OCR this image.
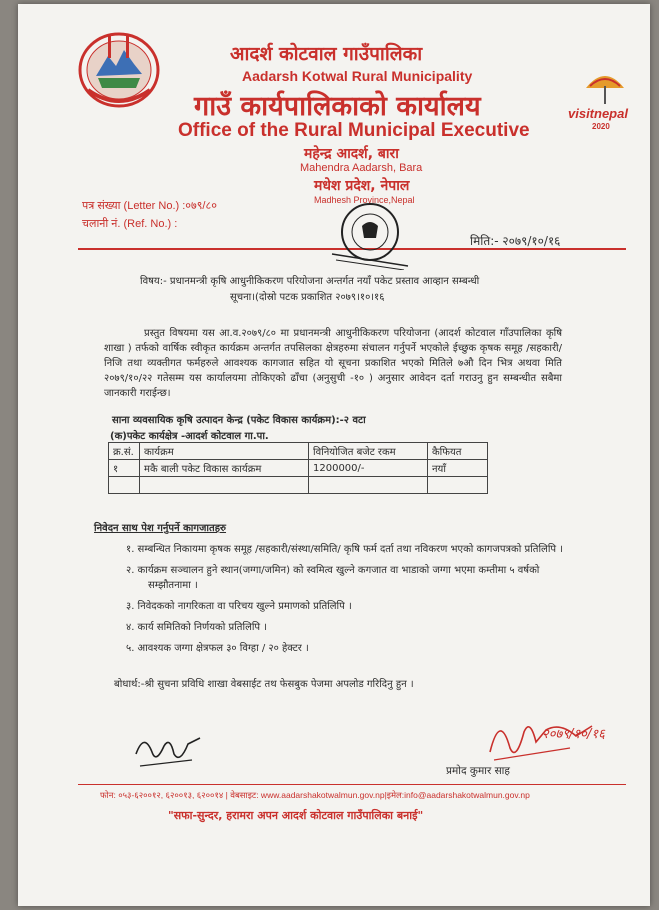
visitnepal
2020
आदर्श कोटवाल गाउँपालिका
Aadarsh Kotwal Rural Municipality
गाउँ कार्यपालिकाको कार्यालय
Office of the Rural Municipal Executive
महेन्द्र आदर्श, बारा
Mahendra Aadarsh, Bara
मधेश प्रदेश, नेपाल
Madhesh Province,Nepal
पत्र संख्या (Letter No.) :०७९/८०
चलानी नं. (Ref. No.) :
मिति:- २०७९/१०/१६
विषय:- प्रधानमन्त्री कृषि आधुनीकिकरण परियोजना अन्तर्गत नयाँ पकेट प्रस्ताव आव्हान सम्बन्धी
सूचना।(दोस्रो पटक प्रकाशित २०७९।१०।१६
प्रस्तुत विषयमा यस आ.व.२०७९/८० मा प्रधानमन्त्री आधुनीकिकरण परियोजना (आदर्श कोटवाल गाँउपालिका कृषि शाखा ) तर्फको वार्षिक स्वीकृत कार्यक्रम अन्तर्गत तपसिलका क्षेत्रहरुमा संचालन गर्नुपर्ने भएकोले ईच्छुक कृषक समूह /सहकारी/निजि तथा व्यक्तीगत फर्महरुले आवश्यक कागजात सहित यो सूचना प्रकाशित भएको मितिले ७औ दिन भित्र अथवा मिति २०७९/१०/२२ गतेसम्म यस कार्यालयमा तोकिएको ढाँचा (अनुसुची -१० ) अनुसार आवेदन दर्ता गराउनु हुन सम्बन्धीत सबैमा जानकारी गराईन्छ।
साना व्यवसायिक कृषि उत्पादन केन्द्र (पकेट विकास कार्यक्रम):-२ वटा
(क)पकेट कार्यक्षेत्र -आदर्श कोटवाल गा.पा.
क्र.सं.	कार्यक्रम	विनियोजित बजेट रकम	कैफियत
१	मकै बाली पकेट विकास कार्यक्रम	1200000/-	नयाँ

निवेदन साथ पेश गर्नुपर्ने कागजातहरु
१. सम्बन्धित निकायमा कृषक समूह /सहकारी/संस्था/समिति/ कृषि फर्म दर्ता तथा नविकरण भएको कागजपत्रको प्रतिलिपि ।
२. कार्यक्रम सञ्चालन हुने स्थान(जग्गा/जमिन) को स्वमित्व खुल्ने कगजात वा भाडाको जग्गा भएमा कम्तीमा ५ वर्षको सम्झौतनामा ।
३. निवेदकको नागरिकता वा परिचय खुल्ने प्रमाणको प्रतिलिपि ।
४. कार्य समितिको निर्णयको प्रतिलिपि ।
५. आवश्यक जग्गा क्षेत्रफल ३० विग्हा / २० हेक्टर ।
बोधार्थ:-श्री सुचना प्रविधि शाखा वेबसाईट तथ फेसबुक पेजमा अपलोड गरिदिनु हुन ।
२०७९/१०/१६
प्रमोद कुमार साह
फोन: ०५३-६२००१२, ६२००१३, ६२००१४ | वेबसाइट: www.aadarshakotwalmun.gov.np|इमेल:info@aadarshakotwalmun.gov.np
"सफा-सुन्दर, हरामरा अपन आदर्श कोटवाल गाउँपालिका बनाई"
